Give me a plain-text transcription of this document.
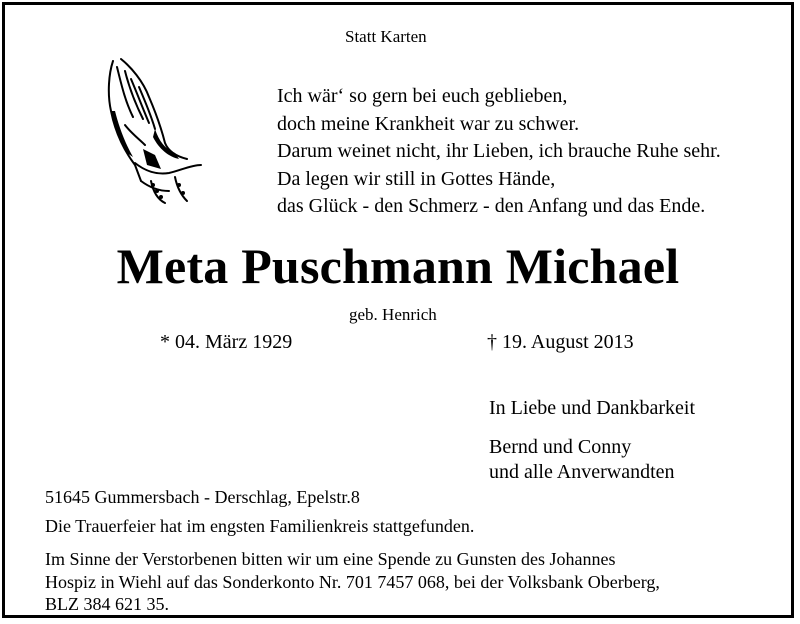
Statt Karten
Ich wär‘ so gern bei euch geblieben,
doch meine Krankheit war zu schwer.
Darum weinet nicht, ihr Lieben, ich brauche Ruhe sehr.
Da legen wir still in Gottes Hände,
das Glück - den Schmerz - den Anfang und das Ende.
Meta Puschmann Michael
geb. Henrich
* 04. März 1929	† 19. August 2013
In Liebe und Dankbarkeit
Bernd und Conny
und alle Anverwandten
51645 Gummersbach - Derschlag, Epelstr.8
Die Trauerfeier hat im engsten Familienkreis stattgefunden.
Im Sinne der Verstorbenen bitten wir um eine Spende zu Gunsten des Johannes
Hospiz in Wiehl auf das Sonderkonto Nr. 701 7457 068, bei der Volksbank Oberberg,
BLZ 384 621 35.
